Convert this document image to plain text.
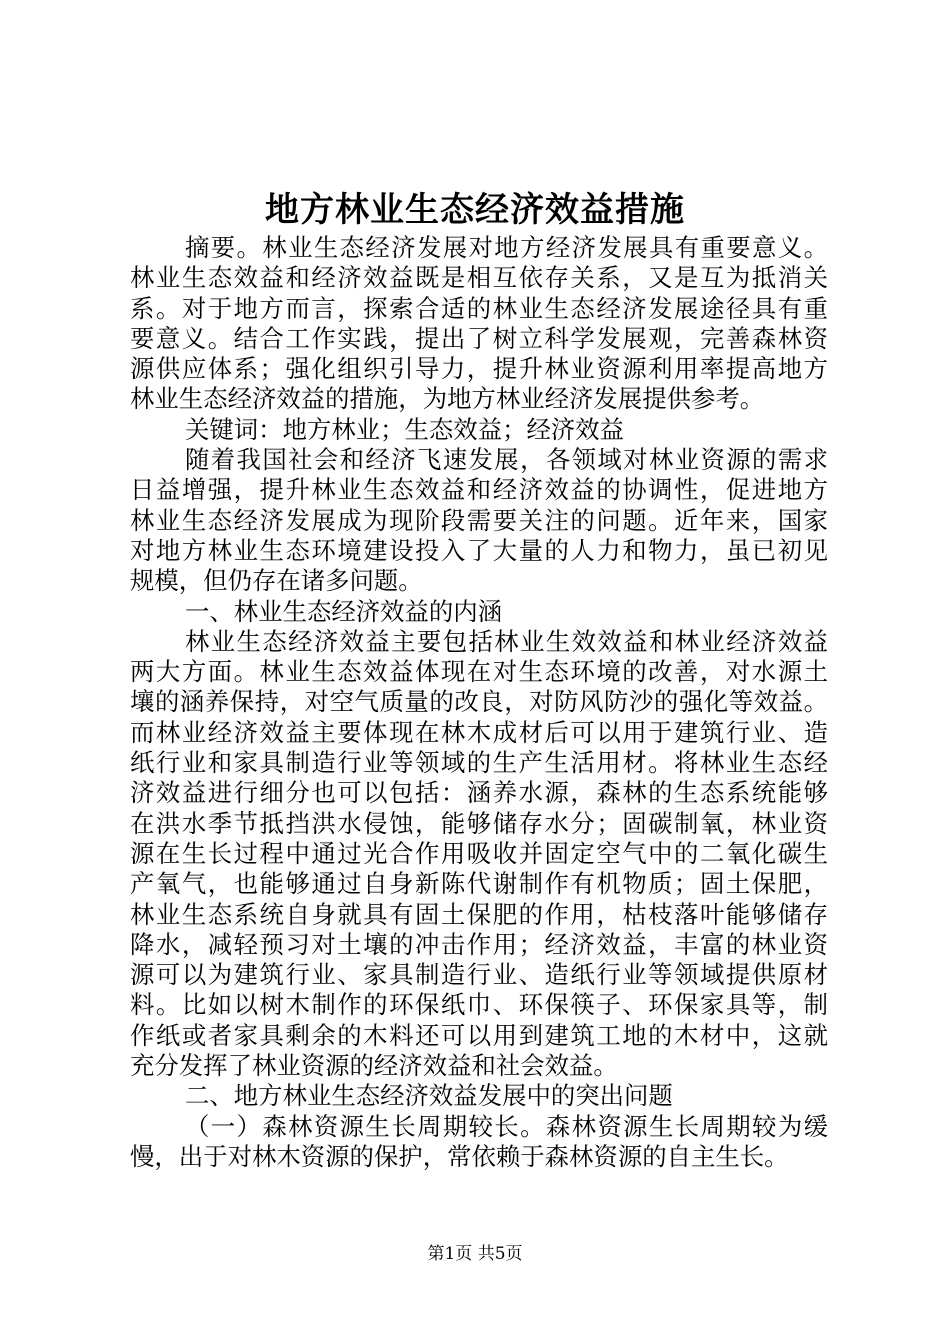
地方林业生态经济效益措施
摘要。林业生态经济发展对地方经济发展具有重要意义。
林业生态效益和经济效益既是相互依存关系，又是互为抵消关
系。对于地方而言，探索合适的林业生态经济发展途径具有重
要意义。结合工作实践，提出了树立科学发展观，完善森林资
源供应体系；强化组织引导力，提升林业资源利用率提高地方
林业生态经济效益的措施，为地方林业经济发展提供参考。
关键词：地方林业；生态效益；经济效益
随着我国社会和经济飞速发展，各领域对林业资源的需求
日益增强，提升林业生态效益和经济效益的协调性，促进地方
林业生态经济发展成为现阶段需要关注的问题。近年来，国家
对地方林业生态环境建设投入了大量的人力和物力，虽已初见
规模，但仍存在诸多问题。
一、林业生态经济效益的内涵
林业生态经济效益主要包括林业生效效益和林业经济效益
两大方面。林业生态效益体现在对生态环境的改善，对水源土
壤的涵养保持，对空气质量的改良，对防风防沙的强化等效益。
而林业经济效益主要体现在林木成材后可以用于建筑行业、造
纸行业和家具制造行业等领域的生产生活用材。将林业生态经
济效益进行细分也可以包括：涵养水源，森林的生态系统能够
在洪水季节抵挡洪水侵蚀，能够储存水分；固碳制氧，林业资
源在生长过程中通过光合作用吸收并固定空气中的二氧化碳生
产氧气，也能够通过自身新陈代谢制作有机物质；固土保肥，
林业生态系统自身就具有固土保肥的作用，枯枝落叶能够储存
降水，减轻预习对土壤的冲击作用；经济效益，丰富的林业资
源可以为建筑行业、家具制造行业、造纸行业等领域提供原材
料。比如以树木制作的环保纸巾、环保筷子、环保家具等，制
作纸或者家具剩余的木料还可以用到建筑工地的木材中，这就
充分发挥了林业资源的经济效益和社会效益。
二、地方林业生态经济效益发展中的突出问题
（一）森林资源生长周期较长。森林资源生长周期较为缓
慢，出于对林木资源的保护，常依赖于森林资源的自主生长。
第1页 共5页
